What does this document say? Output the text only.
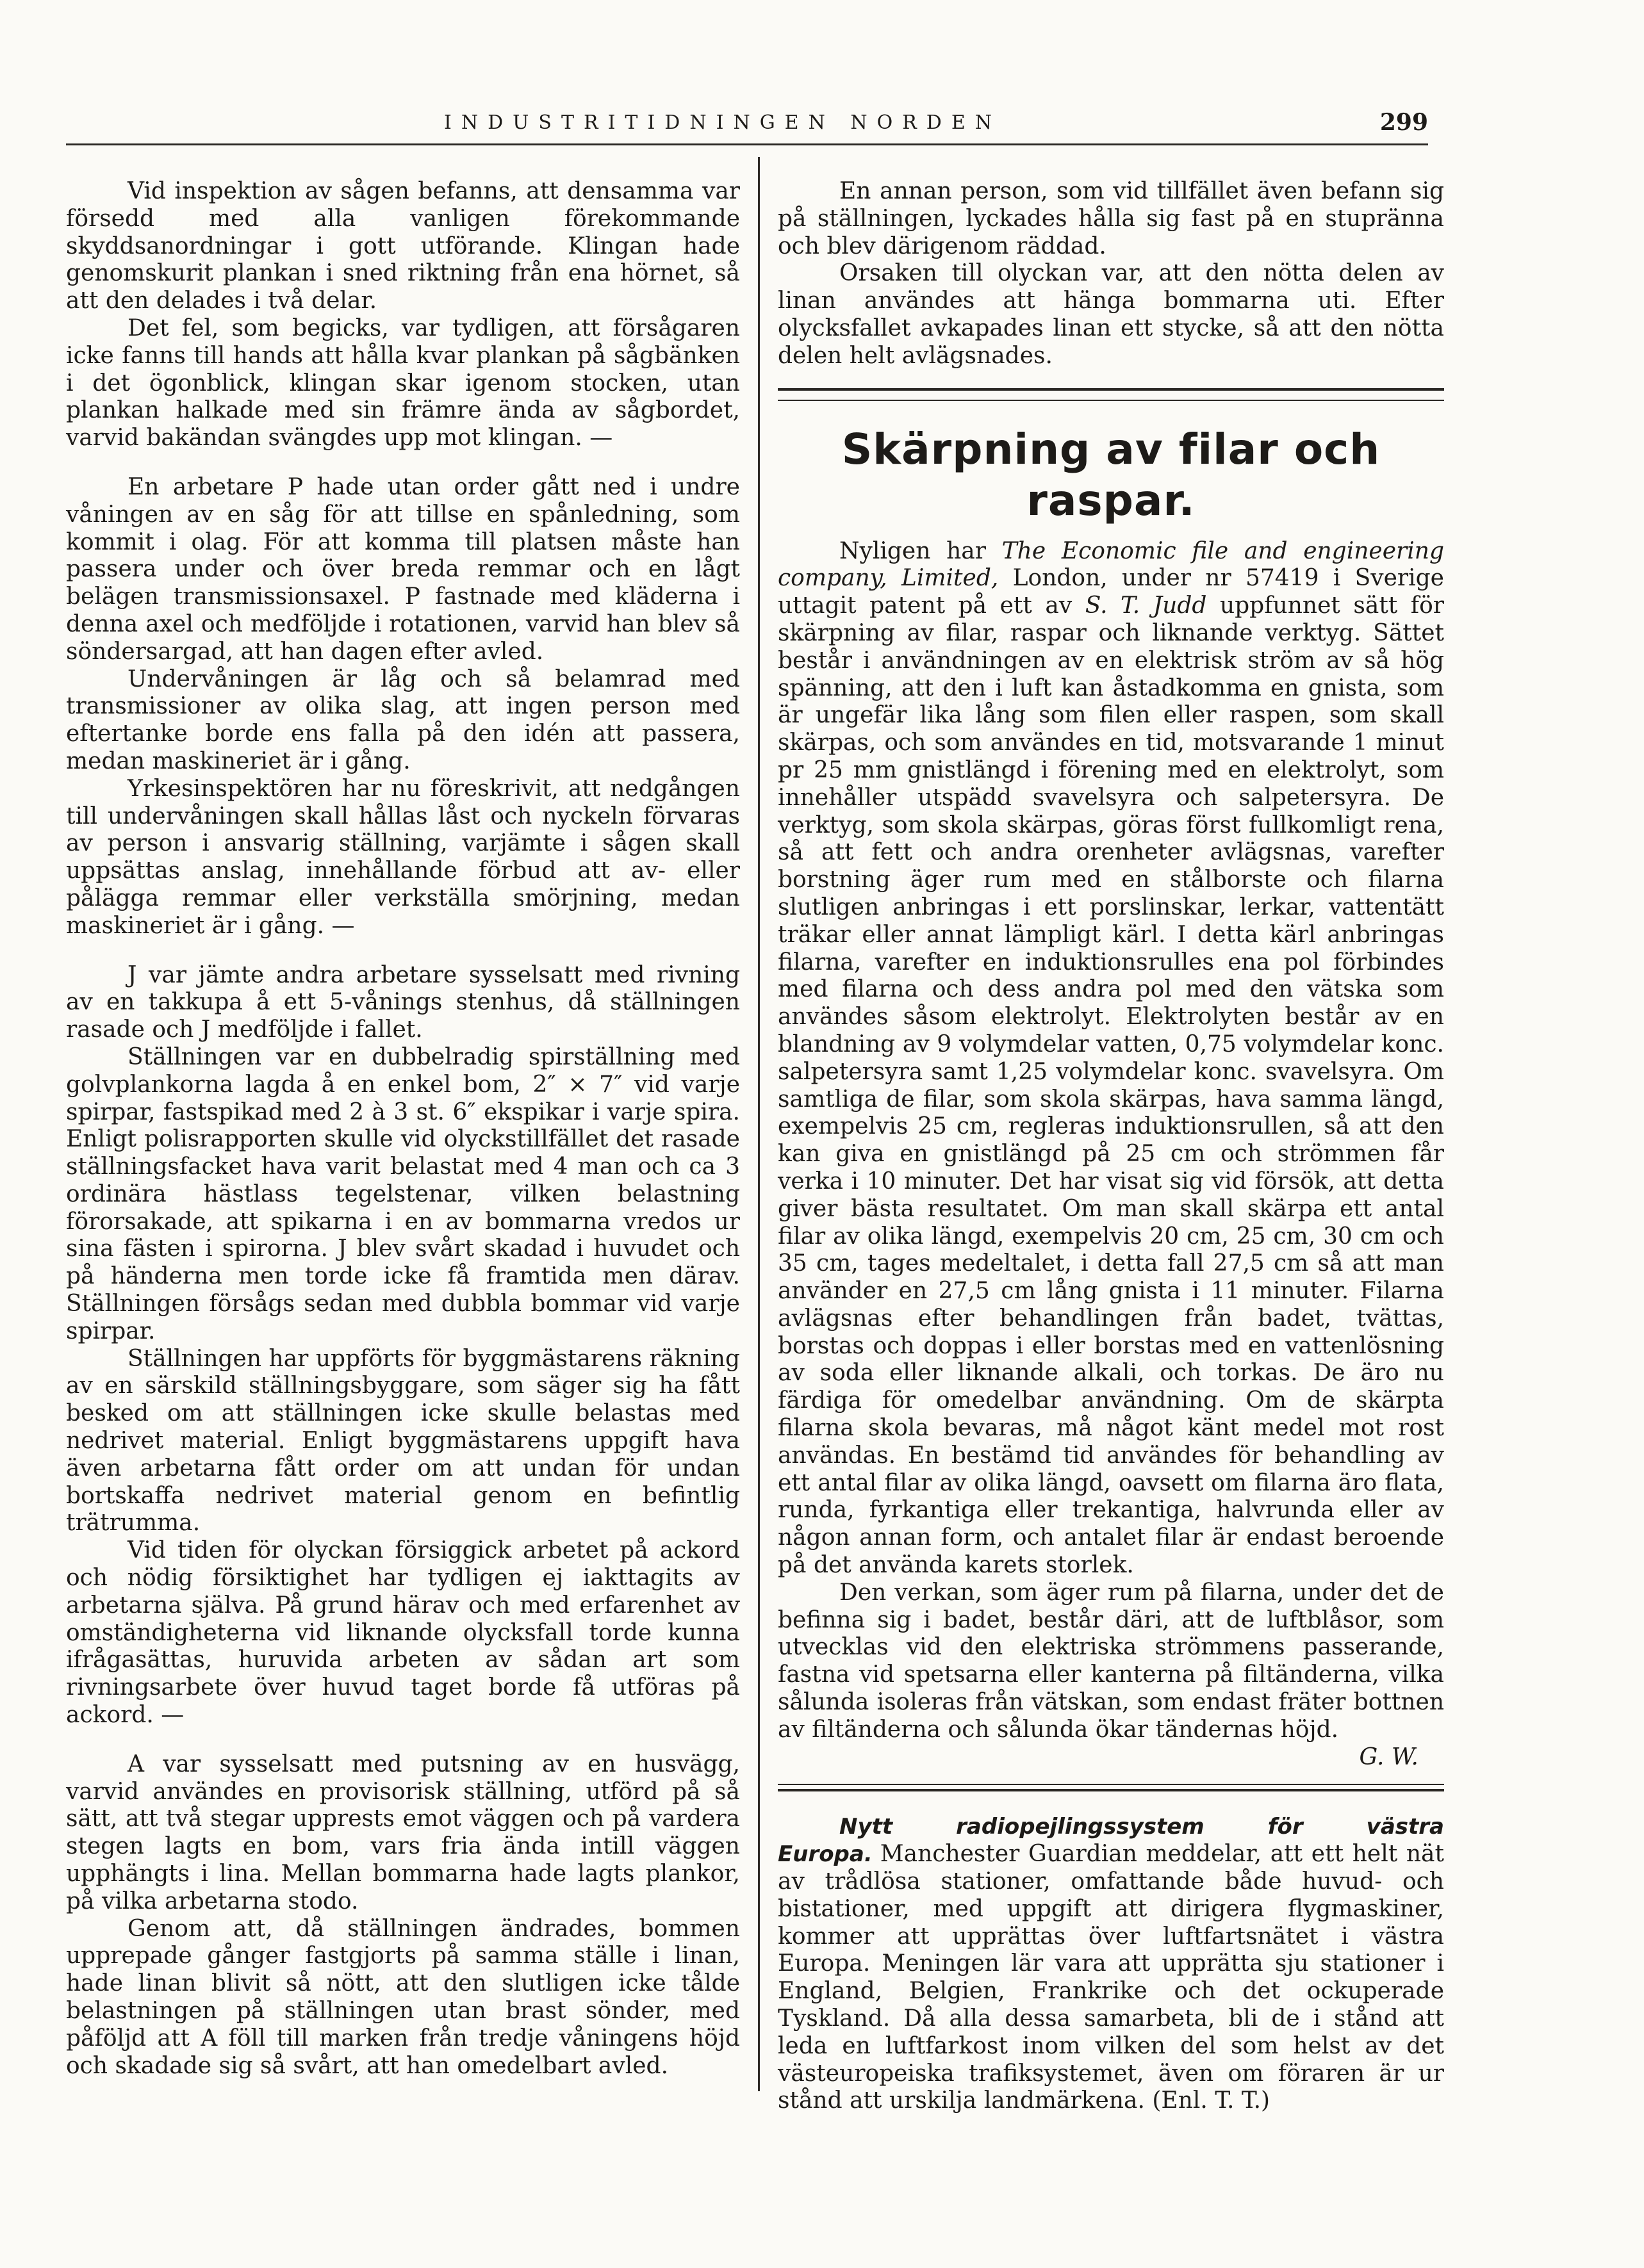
INDUSTRITIDNINGEN NORDEN	299

Vid inspektion av sågen befanns, att densamma var försedd med alla vanligen förekommande skyddsanordningar i gott utförande. Klingan hade genomskurit plankan i sned riktning från ena hörnet, så att den delades i två delar.

Det fel, som begicks, var tydligen, att försågaren icke fanns till hands att hålla kvar plankan på sågbänken i det ögonblick, klingan skar igenom stocken, utan plankan halkade med sin främre ända av sågbordet, varvid bakändan svängdes upp mot klingan. —

En arbetare P hade utan order gått ned i undre våningen av en såg för att tillse en spånledning, som kommit i olag. För att komma till platsen måste han passera under och över breda remmar och en lågt belägen transmissionsaxel. P fastnade med kläderna i denna axel och medföljde i rotationen, varvid han blev så söndersargad, att han dagen efter avled.

Undervåningen är låg och så belamrad med transmissioner av olika slag, att ingen person med eftertanke borde ens falla på den idén att passera, medan maskineriet är i gång.

Yrkesinspektören har nu föreskrivit, att nedgången till undervåningen skall hållas låst och nyckeln förvaras av person i ansvarig ställning, varjämte i sågen skall uppsättas anslag, innehållande förbud att av- eller pålägga remmar eller verkställa smörjning, medan maskineriet är i gång. —

J var jämte andra arbetare sysselsatt med rivning av en takkupa å ett 5-vånings stenhus, då ställningen rasade och J medföljde i fallet.

Ställningen var en dubbelradig spirställning med golvplankorna lagda å en enkel bom, 2″ × 7″ vid varje spirpar, fastspikad med 2 à 3 st. 6″ ekspikar i varje spira. Enligt polisrapporten skulle vid olyckstillfället det rasade ställningsfacket hava varit belastat med 4 man och ca 3 ordinära hästlass tegelstenar, vilken belastning förorsakade, att spikarna i en av bommarna vredos ur sina fästen i spirorna. J blev svårt skadad i huvudet och på händerna men torde icke få framtida men därav. Ställningen försågs sedan med dubbla bommar vid varje spirpar.

Ställningen har uppförts för byggmästarens räkning av en särskild ställningsbyggare, som säger sig ha fått besked om att ställningen icke skulle belastas med nedrivet material. Enligt byggmästarens uppgift hava även arbetarna fått order om att undan för undan bortskaffa nedrivet material genom en befintlig trätrumma.

Vid tiden för olyckan försiggick arbetet på ackord och nödig försiktighet har tydligen ej iakttagits av arbetarna själva. På grund härav och med erfarenhet av omständigheterna vid liknande olycksfall torde kunna ifrågasättas, huruvida arbeten av sådan art som rivningsarbete över huvud taget borde få utföras på ackord. —

A var sysselsatt med putsning av en husvägg, varvid användes en provisorisk ställning, utförd på så sätt, att två stegar upprests emot väggen och på vardera stegen lagts en bom, vars fria ända intill väggen upphängts i lina. Mellan bommarna hade lagts plankor, på vilka arbetarna stodo.

Genom att, då ställningen ändrades, bommen upprepade gånger fastgjorts på samma ställe i linan, hade linan blivit så nött, att den slutligen icke tålde belastningen på ställningen utan brast sönder, med påföljd att A föll till marken från tredje våningens höjd och skadade sig så svårt, att han omedelbart avled.

En annan person, som vid tillfället även befann sig på ställningen, lyckades hålla sig fast på en stupränna och blev därigenom räddad.

Orsaken till olyckan var, att den nötta delen av linan användes att hänga bommarna uti. Efter olycksfallet avkapades linan ett stycke, så att den nötta delen helt avlägsnades.

Skärpning av filar och raspar.

Nyligen har The Economic file and engineering company, Limited, London, under nr 57419 i Sverige uttagit patent på ett av S. T. Judd uppfunnet sätt för skärpning av filar, raspar och liknande verktyg. Sättet består i användningen av en elektrisk ström av så hög spänning, att den i luft kan åstadkomma en gnista, som är ungefär lika lång som filen eller raspen, som skall skärpas, och som användes en tid, motsvarande 1 minut pr 25 mm gnistlängd i förening med en elektrolyt, som innehåller utspädd svavelsyra och salpetersyra. De verktyg, som skola skärpas, göras först fullkomligt rena, så att fett och andra orenheter avlägsnas, varefter borstning äger rum med en stålborste och filarna slutligen anbringas i ett porslinskar, lerkar, vattentätt träkar eller annat lämpligt kärl. I detta kärl anbringas filarna, varefter en induktionsrulles ena pol förbindes med filarna och dess andra pol med den vätska som användes såsom elektrolyt. Elektrolyten består av en blandning av 9 volymdelar vatten, 0,75 volymdelar konc. salpetersyra samt 1,25 volymdelar konc. svavelsyra. Om samtliga de filar, som skola skärpas, hava samma längd, exempelvis 25 cm, regleras induktionsrullen, så att den kan giva en gnistlängd på 25 cm och strömmen får verka i 10 minuter. Det har visat sig vid försök, att detta giver bästa resultatet. Om man skall skärpa ett antal filar av olika längd, exempelvis 20 cm, 25 cm, 30 cm och 35 cm, tages medeltalet, i detta fall 27,5 cm så att man använder en 27,5 cm lång gnista i 11 minuter. Filarna avlägsnas efter behandlingen från badet, tvättas, borstas och doppas i eller borstas med en vattenlösning av soda eller liknande alkali, och torkas. De äro nu färdiga för omedelbar användning. Om de skärpta filarna skola bevaras, må något känt medel mot rost användas. En bestämd tid användes för behandling av ett antal filar av olika längd, oavsett om filarna äro flata, runda, fyrkantiga eller trekantiga, halvrunda eller av någon annan form, och antalet filar är endast beroende på det använda karets storlek.

Den verkan, som äger rum på filarna, under det de befinna sig i badet, består däri, att de luftblåsor, som utvecklas vid den elektriska strömmens passerande, fastna vid spetsarna eller kanterna på filtänderna, vilka sålunda isoleras från vätskan, som endast fräter bottnen av filtänderna och sålunda ökar tändernas höjd.

G. W.

Nytt radiopejlingssystem för västra Europa. Manchester Guardian meddelar, att ett helt nät av trådlösa stationer, omfattande både huvud- och bistationer, med uppgift att dirigera flygmaskiner, kommer att upprättas över luftfartsnätet i västra Europa. Meningen lär vara att upprätta sju stationer i England, Belgien, Frankrike och det ockuperade Tyskland. Då alla dessa samarbeta, bli de i stånd att leda en luftfarkost inom vilken del som helst av det västeuropeiska trafiksystemet, även om föraren är ur stånd att urskilja landmärkena. (Enl. T. T.)
